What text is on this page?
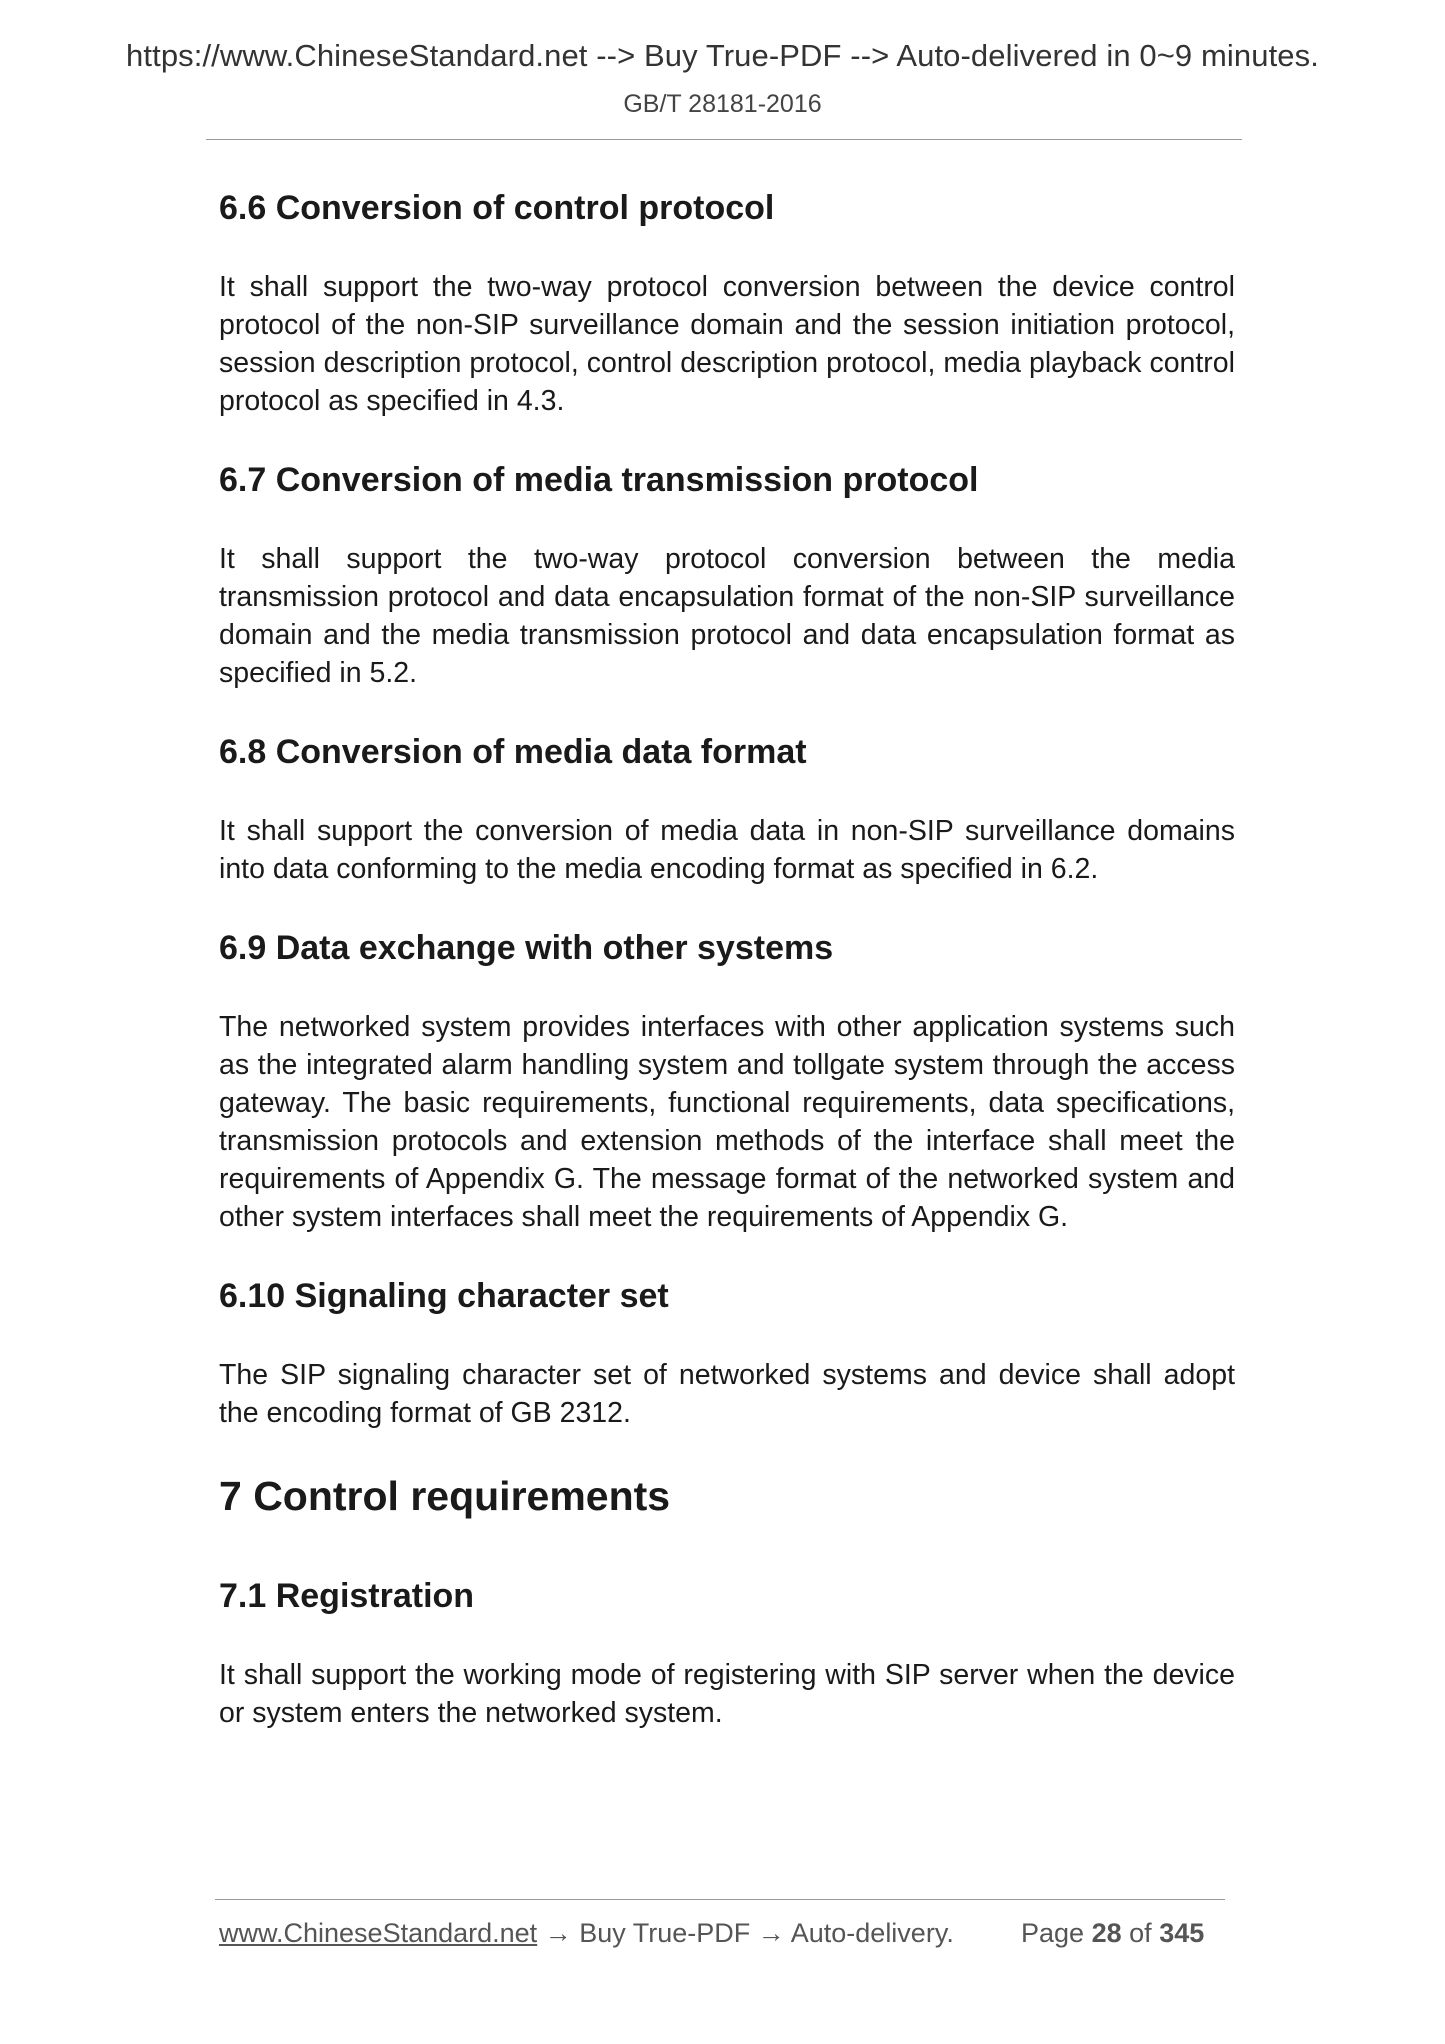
https://www.ChineseStandard.net --> Buy True-PDF --> Auto-delivered in 0~9 minutes.
GB/T 28181-2016
6.6 Conversion of control protocol

It shall support the two-way protocol conversion between the device control protocol of the non-SIP surveillance domain and the session initiation protocol, session description protocol, control description protocol, media playback control protocol as specified in 4.3.

6.7 Conversion of media transmission protocol

It shall support the two-way protocol conversion between the media transmission protocol and data encapsulation format of the non-SIP surveillance domain and the media transmission protocol and data encapsulation format as specified in 5.2.

6.8 Conversion of media data format

It shall support the conversion of media data in non-SIP surveillance domains into data conforming to the media encoding format as specified in 6.2.

6.9 Data exchange with other systems

The networked system provides interfaces with other application systems such as the integrated alarm handling system and tollgate system through the access gateway. The basic requirements, functional requirements, data specifications, transmission protocols and extension methods of the interface shall meet the requirements of Appendix G. The message format of the networked system and other system interfaces shall meet the requirements of Appendix G.

6.10 Signaling character set

The SIP signaling character set of networked systems and device shall adopt the encoding format of GB 2312.

7 Control requirements
7.1 Registration

It shall support the working mode of registering with SIP server when the device or system enters the networked system.

www.ChineseStandard.net → Buy True-PDF → Auto-delivery. Page 28 of 345
